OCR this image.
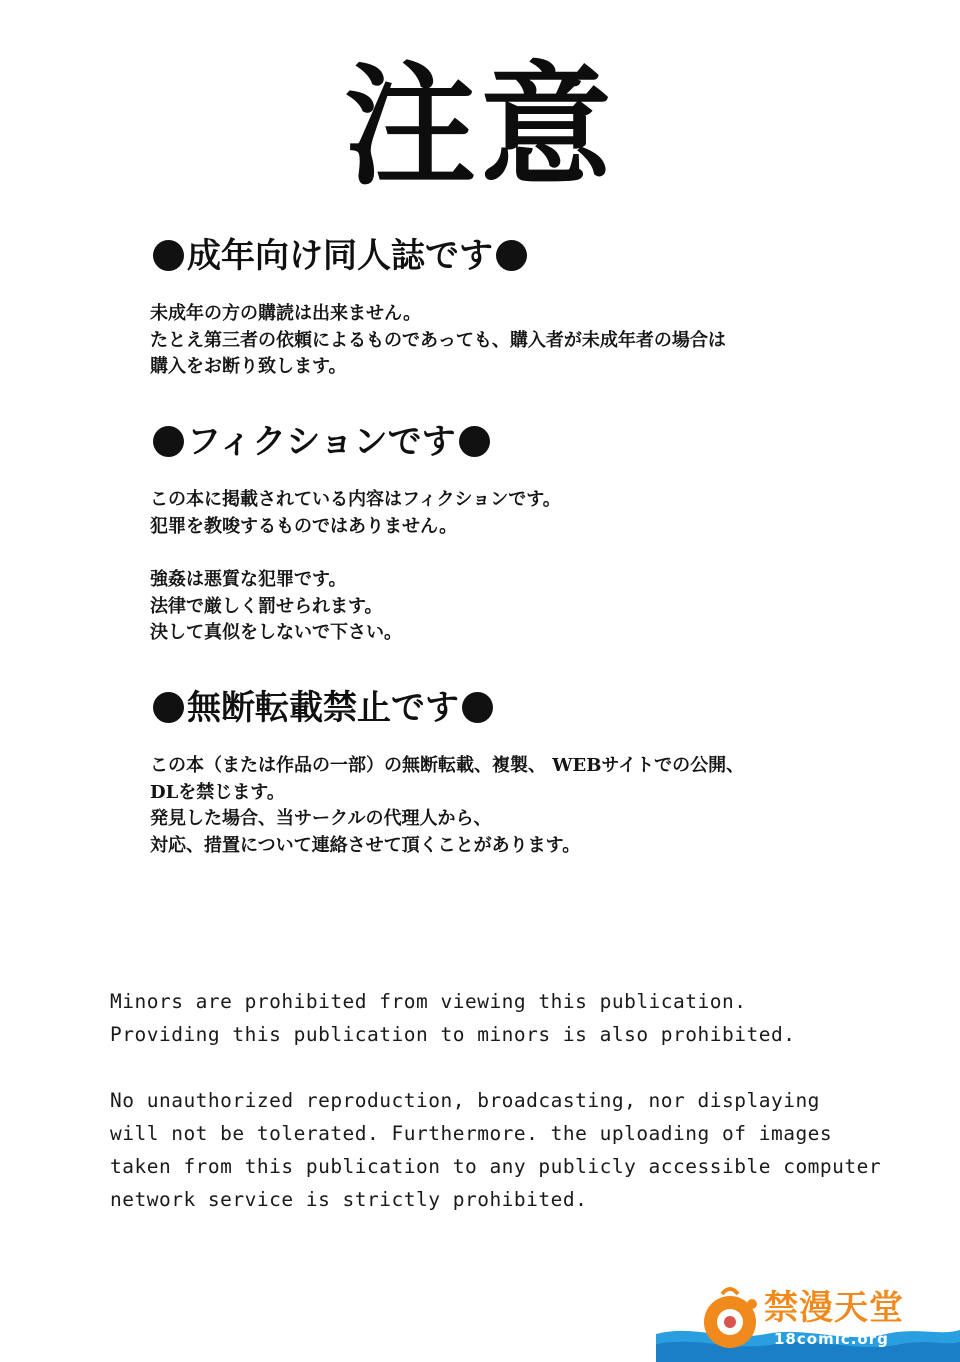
注意
成年向け同人誌です
未成年の方の購読は出来ません。
たとえ第三者の依頼によるものであっても、購入者が未成年者の場合は
購入をお断り致します。
フィクションです
この本に掲載されている内容はフィクションです。
犯罪を教唆するものではありません。
強姦は悪質な犯罪です。
法律で厳しく罰せられます。
決して真似をしないで下さい。
無断転載禁止です
この本（または作品の一部）の無断転載、複製、 WEBサイトでの公開、
DLを禁じます。
発見した場合、当サークルの代理人から、
対応、措置について連絡させて頂くことがあります。
Minors are prohibited from viewing this publication.
Providing this publication to minors is also prohibited.
No unauthorized reproduction, broadcasting, nor displaying
will not be tolerated. Furthermore. the uploading of images
taken from this publication to any publicly accessible computer
network service is strictly prohibited.
禁漫天堂
18comic.org
